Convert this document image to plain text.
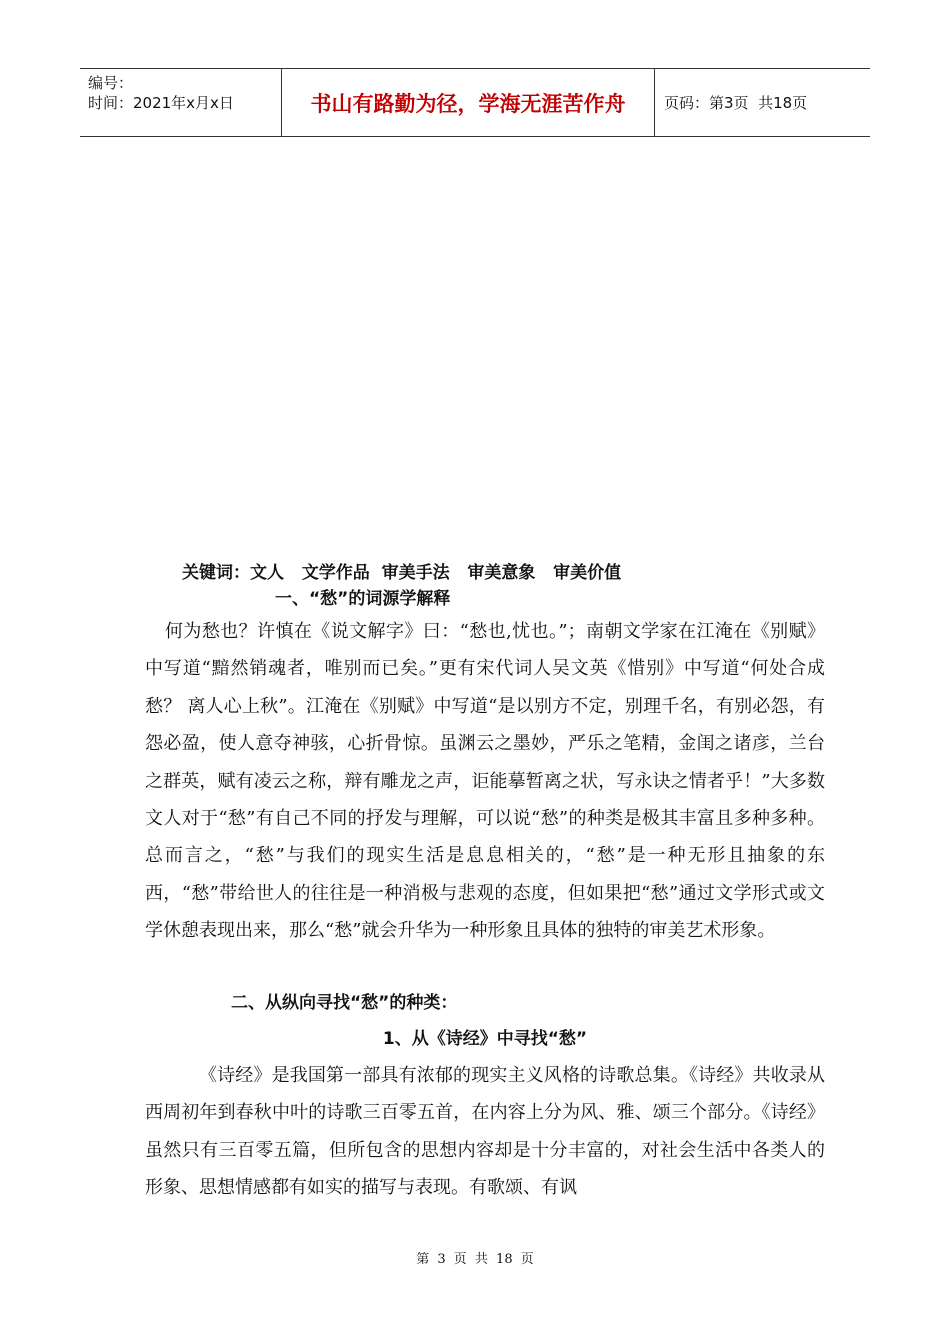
编号：
时间：2021年x月x日	书山有路勤为径，学海无涯苦作舟	页码：第3页  共18页
关键词：文人   文学作品  审美手法   审美意象   审美价值
一、“愁”的词源学解释

何为愁也？许慎在《说文解字》曰：“愁也,忧也。”；南朝文学家在江淹在《别赋》中写道“黯然销魂者，唯别而已矣。”更有宋代词人吴文英《惜别》中写道“何处合成愁？ 离人心上秋”。江淹在《别赋》中写道“是以别方不定，别理千名，有别必怨，有怨必盈，使人意夺神骇，心折骨惊。虽渊云之墨妙，严乐之笔精，金闺之诸彦，兰台之群英，赋有凌云之称，辩有雕龙之声，讵能摹暂离之状，写永诀之情者乎！”大多数文人对于“愁”有自己不同的抒发与理解，可以说“愁”的种类是极其丰富且多种多种。总而言之，“愁”与我们的现实生活是息息相关的，“愁”是一种无形且抽象的东西，“愁”带给世人的往往是一种消极与悲观的态度，但如果把“愁”通过文学形式或文学休憩表现出来，那么“愁”就会升华为一种形象且具体的独特的审美艺术形象。

二、从纵向寻找“愁”的种类：
1、从《诗经》中寻找“愁”

《诗经》是我国第一部具有浓郁的现实主义风格的诗歌总集。《诗经》共收录从西周初年到春秋中叶的诗歌三百零五首，在内容上分为风、雅、颂三个部分。《诗经》虽然只有三百零五篇，但所包含的思想内容却是十分丰富的，对社会生活中各类人的形象、思想情感都有如实的描写与表现。有歌颂、有讽

第 3 页 共 18 页
